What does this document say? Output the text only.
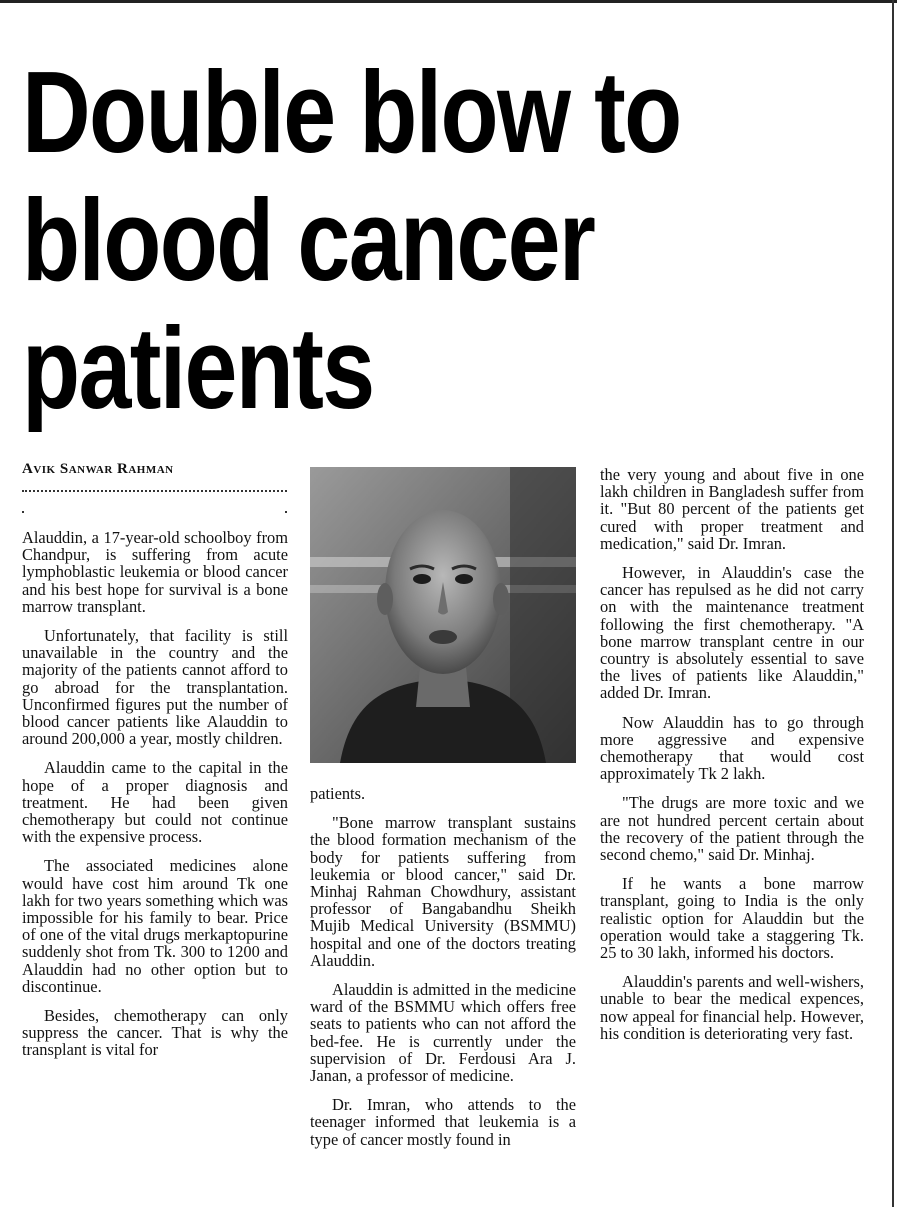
Double blow to blood cancer patients
Avik Sanwar Rahman

Alauddin, a 17-year-old schoolboy from Chandpur, is suffering from acute lymphoblastic leukemia or blood cancer and his best hope for survival is a bone marrow transplant.

Unfortunately, that facility is still unavailable in the country and the majority of the patients cannot afford to go abroad for the transplantation. Unconfirmed figures put the number of blood cancer patients like Alauddin to around 200,000 a year, mostly children.

Alauddin came to the capital in the hope of a proper diagnosis and treatment. He had been given chemotherapy but could not continue with the expensive process.

The associated medicines alone would have cost him around Tk one lakh for two years something which was impossible for his family to bear. Price of one of the vital drugs merkaptopurine suddenly shot from Tk. 300 to 1200 and Alauddin had no other option but to discontinue.

Besides, chemotherapy can only suppress the cancer. That is why the transplant is vital for

patients.

"Bone marrow transplant sustains the blood formation mechanism of the body for patients suffering from leukemia or blood cancer," said Dr. Minhaj Rahman Chowdhury, assistant professor of Bangabandhu Sheikh Mujib Medical University (BSMMU) hospital and one of the doctors treating Alauddin.

Alauddin is admitted in the medicine ward of the BSMMU which offers free seats to patients who can not afford the bed-fee. He is currently under the supervision of Dr. Ferdousi Ara J. Janan, a professor of medicine.

Dr. Imran, who attends to the teenager informed that leukemia is a type of cancer mostly found in

the very young and about five in one lakh children in Bangladesh suffer from it. "But 80 percent of the patients get cured with proper treatment and medication," said Dr. Imran.

However, in Alauddin's case the cancer has repulsed as he did not carry on with the maintenance treatment following the first chemotherapy. "A bone marrow transplant centre in our country is absolutely essential to save the lives of patients like Alauddin," added Dr. Imran.

Now Alauddin has to go through more aggressive and expensive chemotherapy that would cost approximately Tk 2 lakh.

"The drugs are more toxic and we are not hundred percent certain about the recovery of the patient through the second chemo," said Dr. Minhaj.

If he wants a bone marrow transplant, going to India is the only realistic option for Alauddin but the operation would take a staggering Tk. 25 to 30 lakh, informed his doctors.

Alauddin's parents and well-wishers, unable to bear the medical expences, now appeal for financial help. However, his condition is deteriorating very fast.
